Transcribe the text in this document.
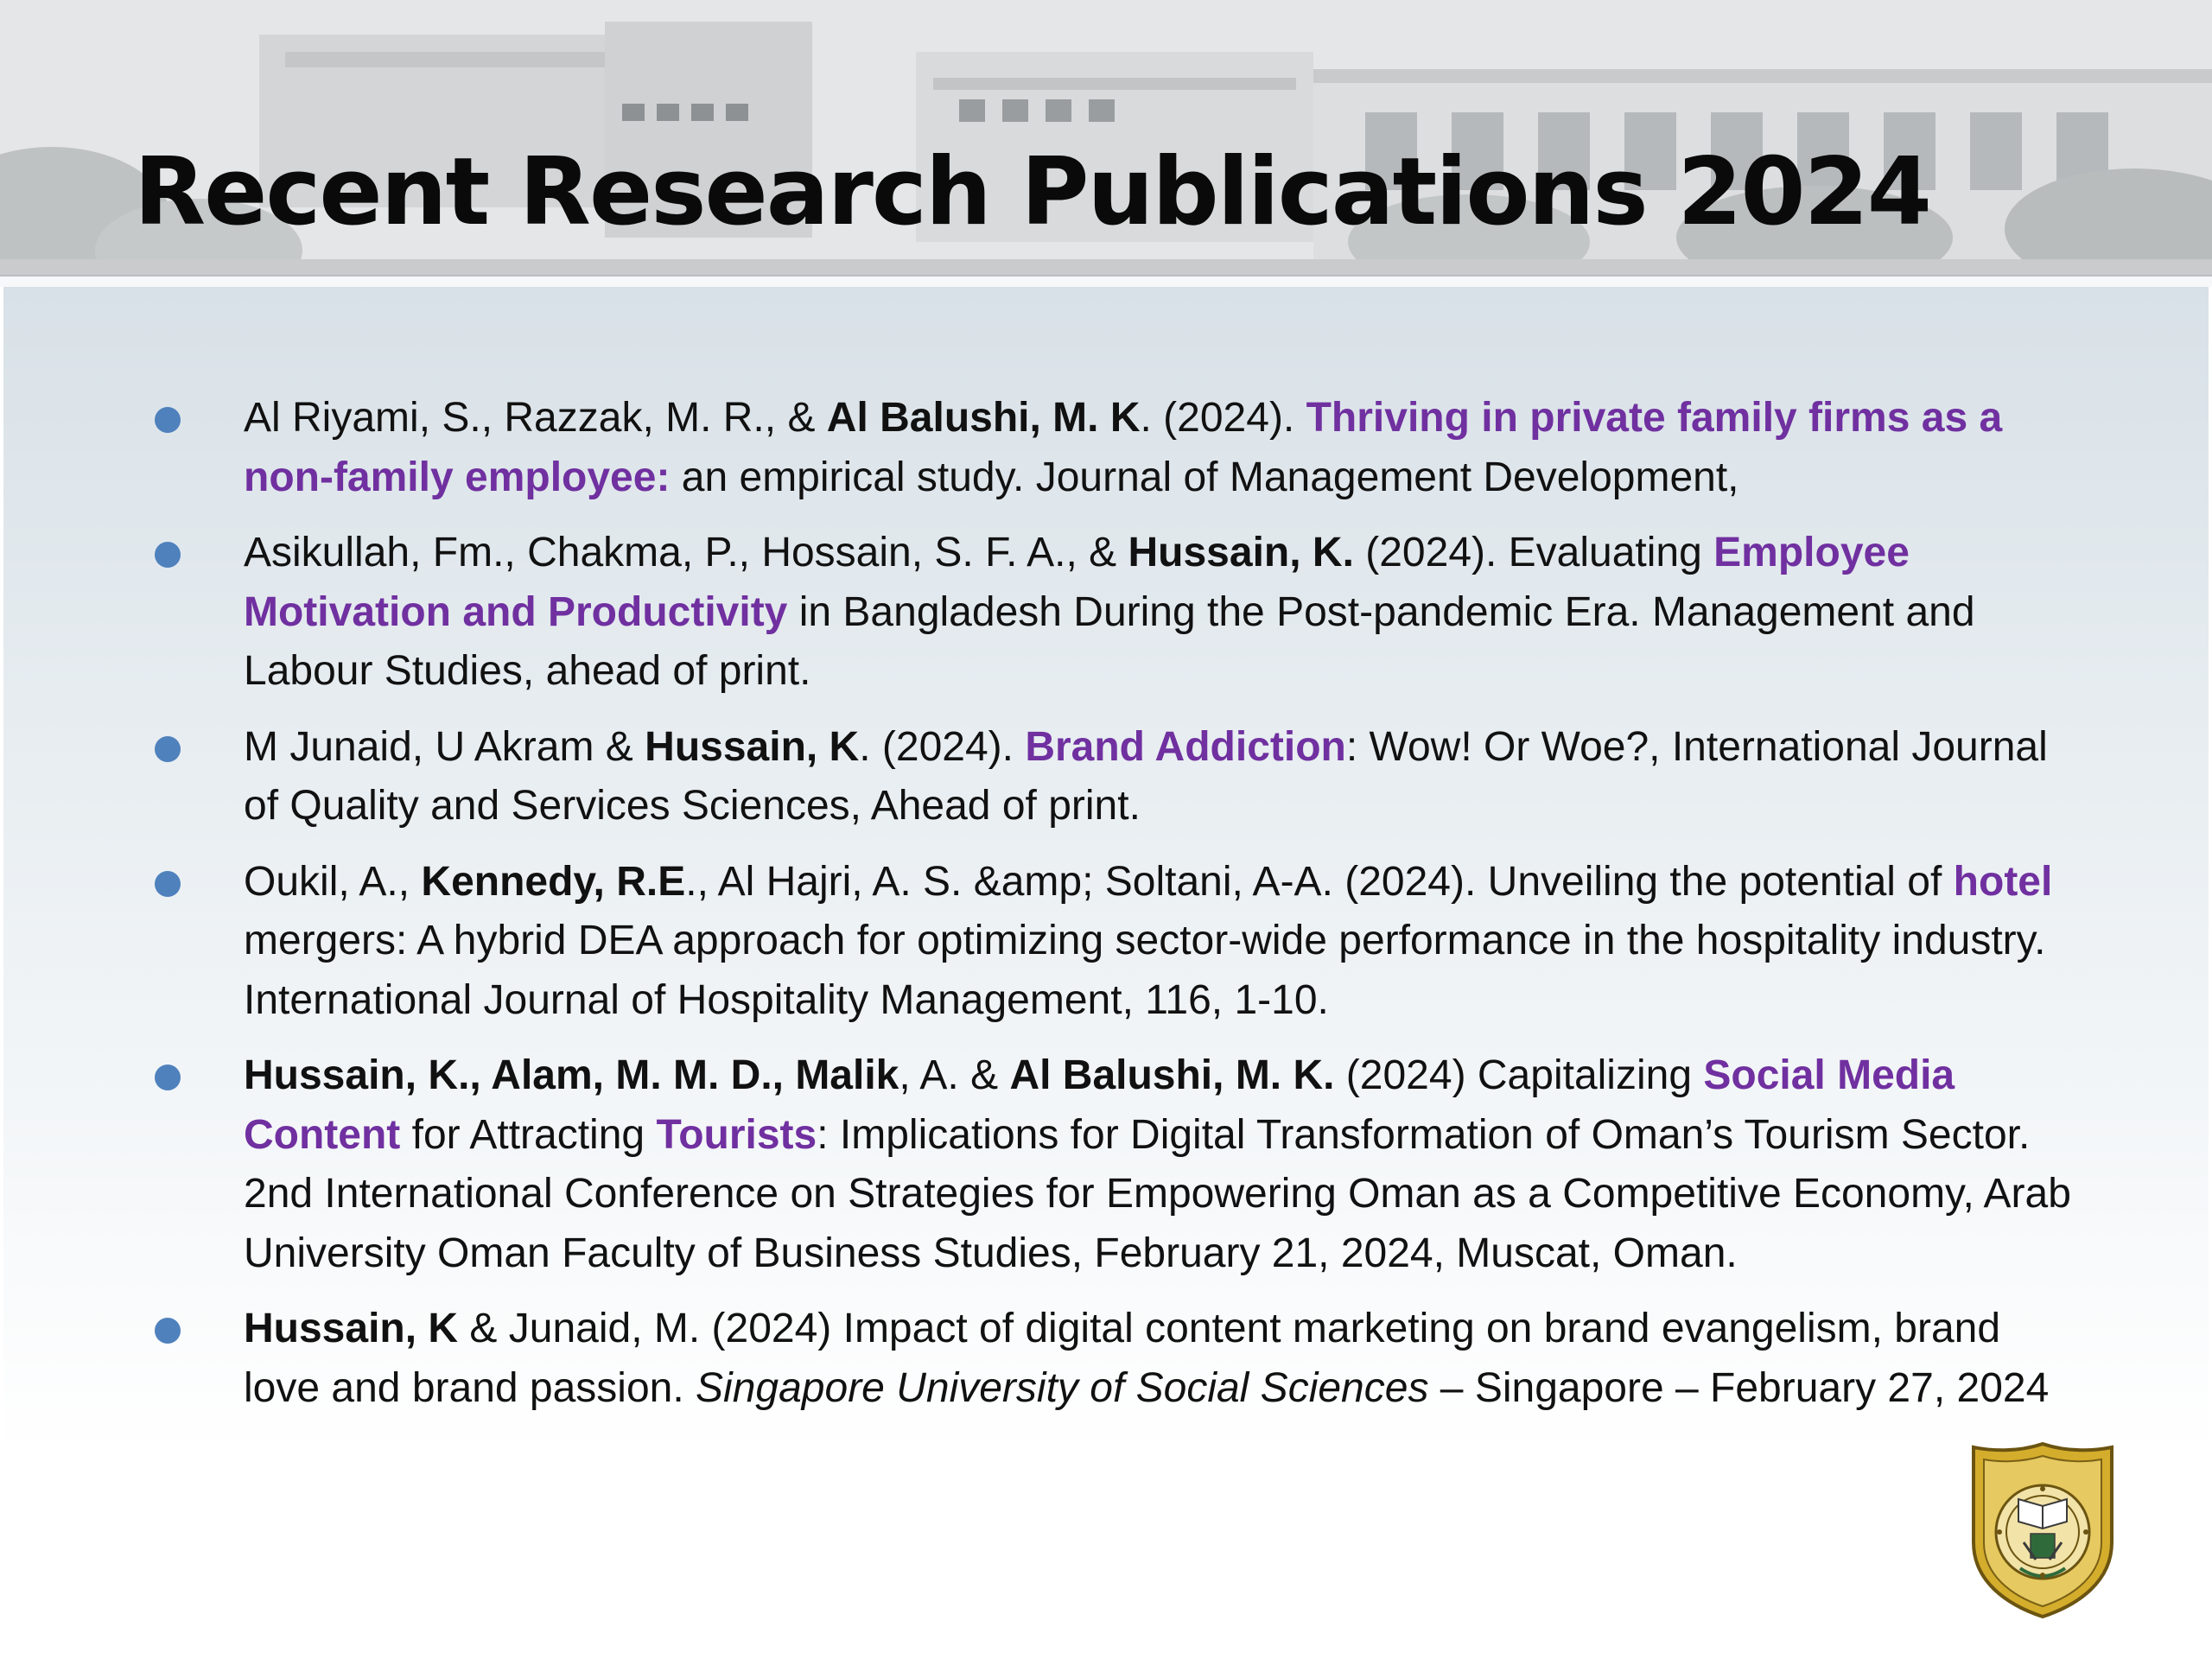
Recent Research Publications 2024
Al Riyami, S., Razzak, M. R., & Al Balushi, M. K. (2024). Thriving in private family firms as a non-family employee: an empirical study. Journal of Management Development,
Asikullah, Fm., Chakma, P., Hossain, S. F. A., & Hussain, K. (2024). Evaluating Employee Motivation and Productivity in Bangladesh During the Post-pandemic Era. Management and Labour Studies, ahead of print.
M Junaid, U Akram & Hussain, K. (2024). Brand Addiction: Wow! Or Woe?, International Journal of Quality and Services Sciences, Ahead of print.
Oukil, A., Kennedy, R.E., Al Hajri, A. S. &amp; Soltani, A-A. (2024). Unveiling the potential of hotel mergers: A hybrid DEA approach for optimizing sector-wide performance in the hospitality industry. International Journal of Hospitality Management, 116, 1-10.
Hussain, K., Alam, M. M. D., Malik, A. & Al Balushi, M. K. (2024) Capitalizing Social Media Content for Attracting Tourists: Implications for Digital Transformation of Oman’s Tourism Sector. 2nd International Conference on Strategies for Empowering Oman as a Competitive Economy, Arab University Oman Faculty of Business Studies, February 21, 2024, Muscat, Oman.
Hussain, K & Junaid, M. (2024) Impact of digital content marketing on brand evangelism, brand love and brand passion. Singapore University of Social Sciences – Singapore – February 27, 2024
